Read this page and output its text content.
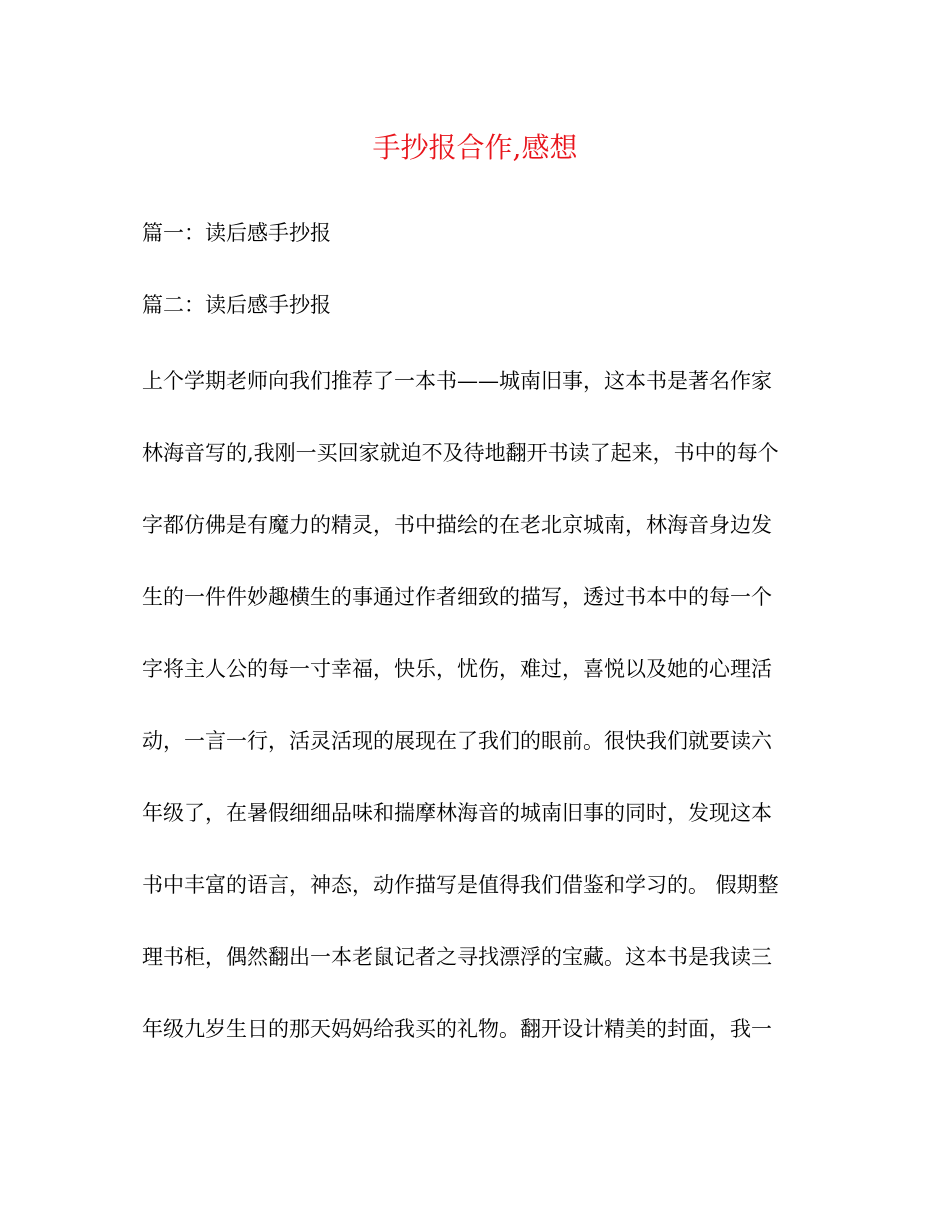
手抄报合作,感想

篇一：读后感手抄报

篇二：读后感手抄报

上个学期老师向我们推荐了一本书——城南旧事，这本书是著名作家

林海音写的,我刚一买回家就迫不及待地翻开书读了起来，书中的每个

字都仿佛是有魔力的精灵，书中描绘的在老北京城南，林海音身边发

生的一件件妙趣横生的事通过作者细致的描写，透过书本中的每一个

字将主人公的每一寸幸福，快乐，忧伤，难过，喜悦以及她的心理活

动，一言一行，活灵活现的展现在了我们的眼前。很快我们就要读六

年级了，在暑假细细品味和揣摩林海音的城南旧事的同时，发现这本

书中丰富的语言，神态，动作描写是值得我们借鉴和学习的。 假期整

理书柜，偶然翻出一本老鼠记者之寻找漂浮的宝藏。这本书是我读三

年级九岁生日的那天妈妈给我买的礼物。翻开设计精美的封面，我一
